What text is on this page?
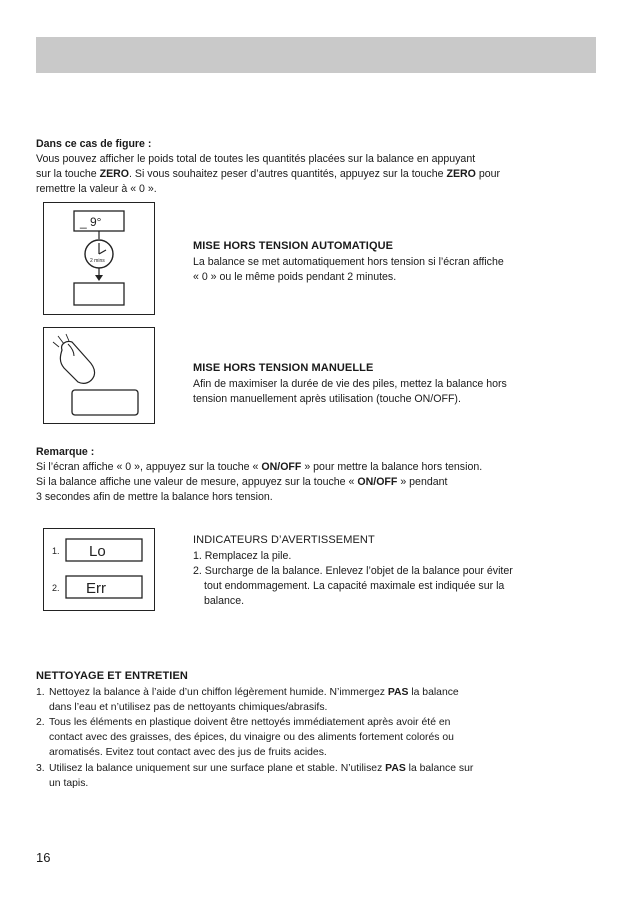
Dans ce cas de figure :
Vous pouvez afficher le poids total de toutes les quantités placées sur la balance en appuyant
sur la touche ZERO. Si vous souhaitez peser d’autres quantités, appuyez sur la touche ZERO pour
remettre la valeur à « 0 ».
_ 9°
2 mins
MISE HORS TENSION AUTOMATIQUE
La balance se met automatiquement hors tension si l’écran affiche
« 0 » ou le même poids pendant 2 minutes.
MISE HORS TENSION MANUELLE
Afin de maximiser la durée de vie des piles, mettez la balance hors
tension manuellement après utilisation (touche ON/OFF).
Remarque :
Si l’écran affiche « 0 », appuyez sur la touche « ON/OFF » pour mettre la balance hors tension.
Si la balance affiche une valeur de mesure, appuyez sur la touche « ON/OFF » pendant
3 secondes afin de mettre la balance hors tension.
1. Lo
2. Err
INDICATEURS D’AVERTISSEMENT
1. Remplacez la pile.
2. Surcharge de la balance. Enlevez l’objet de la balance pour éviter
tout endommagement. La capacité maximale est indiquée sur la
balance.
NETTOYAGE ET ENTRETIEN
1. Nettoyez la balance à l’aide d’un chiffon légèrement humide. N’immergez PAS la balance
dans l’eau et n’utilisez pas de nettoyants chimiques/abrasifs.
2. Tous les éléments en plastique doivent être nettoyés immédiatement après avoir été en
contact avec des graisses, des épices, du vinaigre ou des aliments fortement colorés ou
aromatisés. Evitez tout contact avec des jus de fruits acides.
3. Utilisez la balance uniquement sur une surface plane et stable. N’utilisez PAS la balance sur
un tapis.
16
